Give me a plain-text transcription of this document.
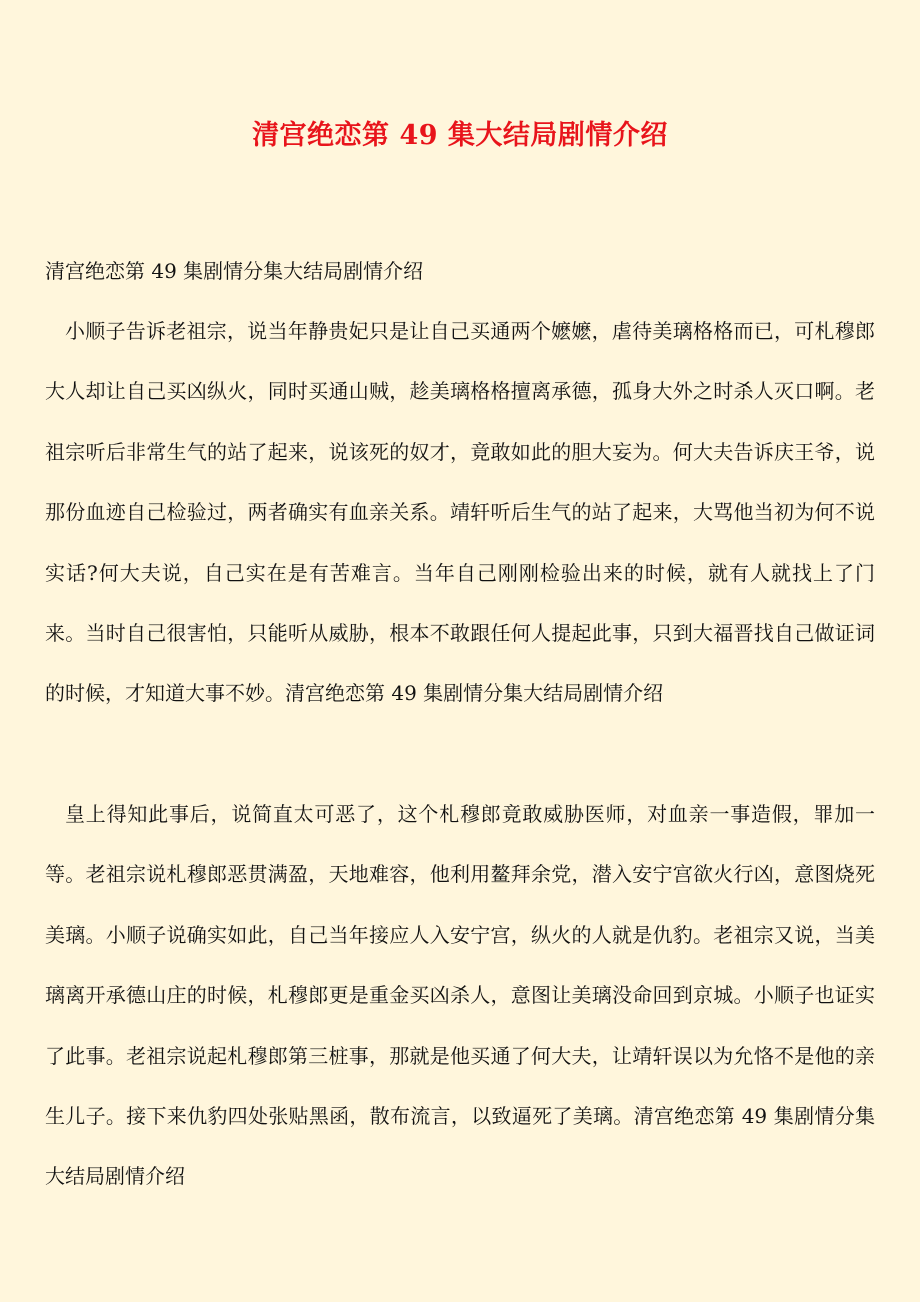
清宫绝恋第 49 集大结局剧情介绍

清宫绝恋第 49 集剧情分集大结局剧情介绍

小顺子告诉老祖宗，说当年静贵妃只是让自己买通两个嬷嬷，虐待美璃格格而已，可札穆郎大人却让自己买凶纵火，同时买通山贼，趁美璃格格擅离承德，孤身大外之时杀人灭口啊。老祖宗听后非常生气的站了起来，说该死的奴才，竟敢如此的胆大妄为。何大夫告诉庆王爷，说那份血迹自己检验过，两者确实有血亲关系。靖轩听后生气的站了起来，大骂他当初为何不说实话?何大夫说，自己实在是有苦难言。当年自己刚刚检验出来的时候，就有人就找上了门来。当时自己很害怕，只能听从威胁，根本不敢跟任何人提起此事，只到大福晋找自己做证词的时候，才知道大事不妙。清宫绝恋第 49 集剧情分集大结局剧情介绍

皇上得知此事后，说简直太可恶了，这个札穆郎竟敢威胁医师，对血亲一事造假，罪加一等。老祖宗说札穆郎恶贯满盈，天地难容，他利用鳌拜余党，潜入安宁宫欲火行凶，意图烧死美璃。小顺子说确实如此，自己当年接应人入安宁宫，纵火的人就是仇豹。老祖宗又说，当美璃离开承德山庄的时候，札穆郎更是重金买凶杀人，意图让美璃没命回到京城。小顺子也证实了此事。老祖宗说起札穆郎第三桩事，那就是他买通了何大夫，让靖轩误以为允恪不是他的亲生儿子。接下来仇豹四处张贴黑函，散布流言，以致逼死了美璃。清宫绝恋第 49 集剧情分集大结局剧情介绍
